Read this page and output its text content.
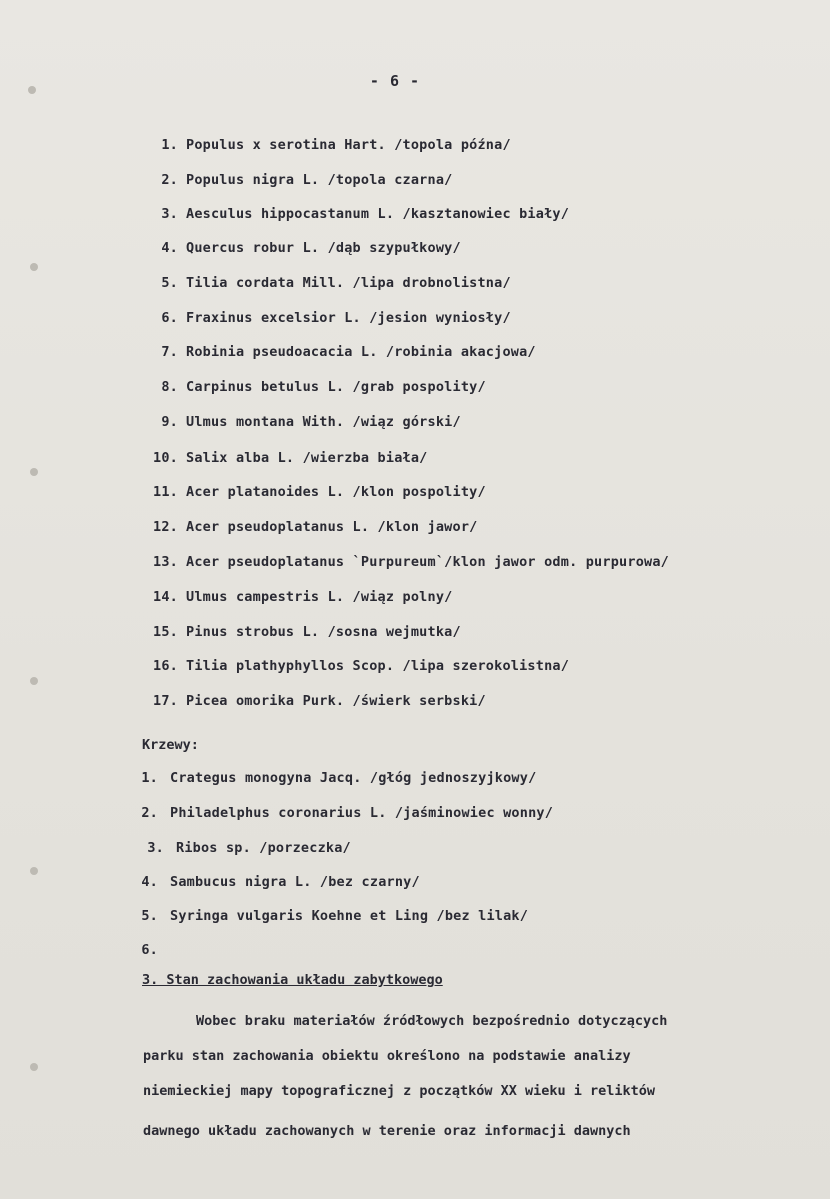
- 6 -
1. Populus x serotina Hart. /topola późna/
2. Populus nigra L. /topola czarna/
3. Aesculus hippocastanum L. /kasztanowiec biały/
4. Quercus robur L. /dąb szypułkowy/
5. Tilia cordata Mill. /lipa drobnolistna/
6. Fraxinus excelsior L. /jesion wyniosły/
7. Robinia pseudoacacia L. /robinia akacjowa/
8. Carpinus betulus L. /grab pospolity/
9. Ulmus montana With. /wiąz górski/
10. Salix alba L. /wierzba biała/
11. Acer platanoides L. /klon pospolity/
12. Acer pseudoplatanus L. /klon jawor/
13. Acer pseudoplatanus `Purpureum`/klon jawor odm. purpurowa/
14. Ulmus campestris L. /wiąz polny/
15. Pinus strobus L. /sosna wejmutka/
16. Tilia plathyphyllos Scop. /lipa szerokolistna/
17. Picea omorika Purk. /świerk serbski/
Krzewy:
1. Crategus monogyna Jacq. /głóg jednoszyjkowy/
2. Philadelphus coronarius L. /jaśminowiec wonny/
3. Ribos sp. /porzeczka/
4. Sambucus nigra L. /bez czarny/
5. Syringa vulgaris Koehne et Ling /bez lilak/
6.
3. Stan zachowania układu zabytkowego
Wobec braku materiałów źródłowych bezpośrednio dotyczących
parku stan zachowania obiektu określono na podstawie analizy
niemieckiej mapy topograficznej z początków XX wieku i reliktów
dawnego układu zachowanych w terenie oraz informacji dawnych
